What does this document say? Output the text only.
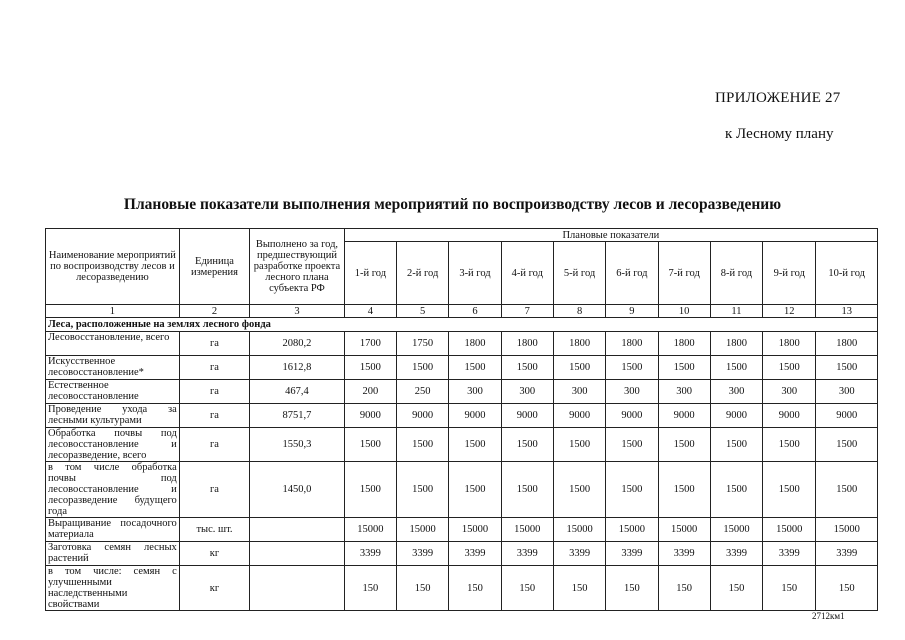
ПРИЛОЖЕНИЕ 27
к Лесному плану
Плановые показатели выполнения мероприятий по воспроизводству лесов и лесоразведению
Наименование мероприятий по воспроизводству лесов и лесоразведению	Единица измерения	Выполнено за год, предшествующий разработке проекта лесного плана субъекта РФ	Плановые показатели									
			1-й год	2-й год	3-й год	4-й год	5-й год	6-й год	7-й год	8-й год	9-й год	10-й год
1	2	3	4	5	6	7	8	9	10	11	12	13
Леса, расположенные на землях лесного фонда												
Лесовосстановление, всего	га	2080,2	1700	1750	1800	1800	1800	1800	1800	1800	1800	1800
Искусственное лесовосстановление*	га	1612,8	1500	1500	1500	1500	1500	1500	1500	1500	1500	1500
Естественное лесовосстановление	га	467,4	200	250	300	300	300	300	300	300	300	300
Проведение ухода за лесными культурами	га	8751,7	9000	9000	9000	9000	9000	9000	9000	9000	9000	9000
Обработка почвы под лесовосстановление и лесоразведение, всего	га	1550,3	1500	1500	1500	1500	1500	1500	1500	1500	1500	1500
в том числе обработка почвы под лесовосстановление и лесоразведение будущего года	га	1450,0	1500	1500	1500	1500	1500	1500	1500	1500	1500	1500
Выращивание посадочного материала	тыс. шт.		15000	15000	15000	15000	15000	15000	15000	15000	15000	15000
Заготовка семян лесных растений	кг		3399	3399	3399	3399	3399	3399	3399	3399	3399	3399
в том числе: семян с улучшенными наследственными свойствами	кг		150	150	150	150	150	150	150	150	150	150
2712км1
